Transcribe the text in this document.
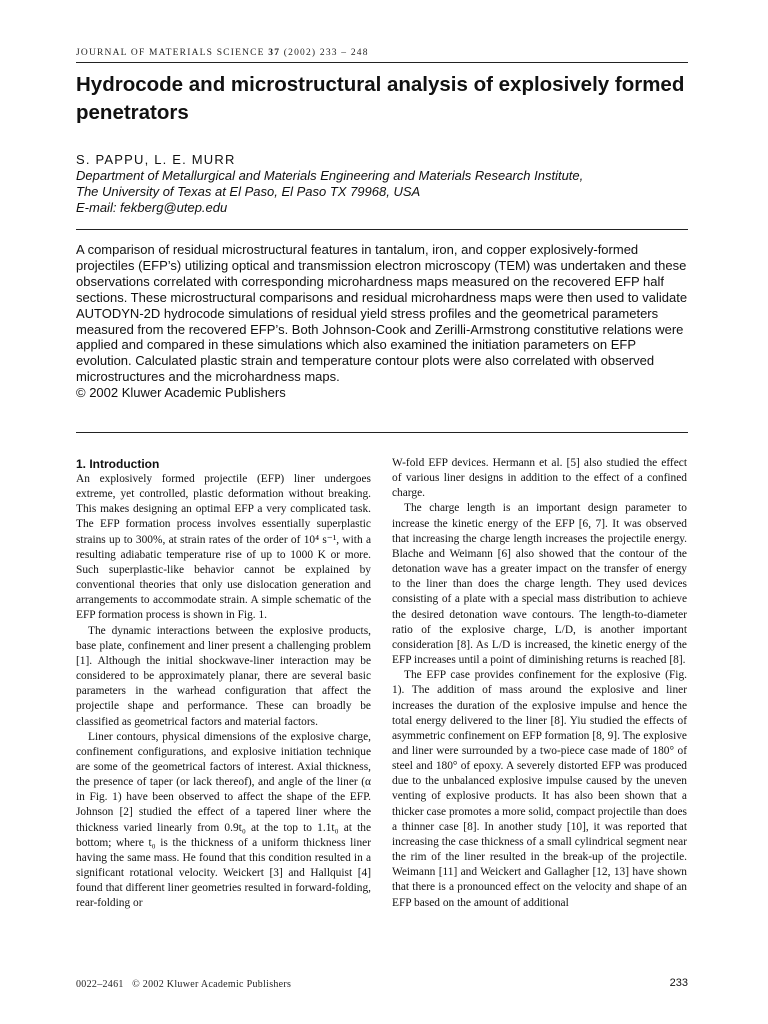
JOURNAL OF MATERIALS SCIENCE 37 (2002) 233 – 248
Hydrocode and microstructural analysis of explosively formed penetrators
S. PAPPU, L. E. MURR
Department of Metallurgical and Materials Engineering and Materials Research Institute,
The University of Texas at El Paso, El Paso TX 79968, USA
E-mail: fekberg@utep.edu

A comparison of residual microstructural features in tantalum, iron, and copper explosively-formed projectiles (EFP’s) utilizing optical and transmission electron microscopy (TEM) was undertaken and these observations correlated with corresponding microhardness maps measured on the recovered EFP half sections. These microstructural comparisons and residual microhardness maps were then used to validate AUTODYN-2D hydrocode simulations of residual yield stress profiles and the geometrical parameters measured from the recovered EFP’s. Both Johnson-Cook and Zerilli-Armstrong constitutive relations were applied and compared in these simulations which also examined the initiation parameters on EFP evolution. Calculated plastic strain and temperature contour plots were also correlated with observed microstructures and the microhardness maps.
© 2002 Kluwer Academic Publishers

1. Introduction

An explosively formed projectile (EFP) liner undergoes extreme, yet controlled, plastic deformation without breaking. This makes designing an optimal EFP a very complicated task. The EFP formation process involves essentially superplastic strains up to 300%, at strain rates of the order of 10⁴ s⁻¹, with a resulting adiabatic temperature rise of up to 1000 K or more. Such superplastic-like behavior cannot be explained by conventional theories that only use dislocation generation and arrangements to accommodate strain. A simple schematic of the EFP formation process is shown in Fig. 1.

The dynamic interactions between the explosive products, base plate, confinement and liner present a challenging problem [1]. Although the initial shockwave-liner interaction may be considered to be approximately planar, there are several basic parameters in the warhead configuration that affect the projectile shape and performance. These can broadly be classified as geometrical factors and material factors.

Liner contours, physical dimensions of the explosive charge, confinement configurations, and explosive initiation technique are some of the geometrical factors of interest. Axial thickness, the presence of taper (or lack thereof), and angle of the liner (α in Fig. 1) have been observed to affect the shape of the EFP. Johnson [2] studied the effect of a tapered liner where the thickness varied linearly from 0.9t₀ at the top to 1.1t₀ at the bottom; where t₀ is the thickness of a uniform thickness liner having the same mass. He found that this condition resulted in a significant rotational velocity. Weickert [3] and Hallquist [4] found that different liner geometries resulted in forward-folding, rear-folding or

W-fold EFP devices. Hermann et al. [5] also studied the effect of various liner designs in addition to the effect of a confined charge.

The charge length is an important design parameter to increase the kinetic energy of the EFP [6, 7]. It was observed that increasing the charge length increases the projectile energy. Blache and Weimann [6] also showed that the contour of the detonation wave has a greater impact on the transfer of energy to the liner than does the charge length. They used devices consisting of a plate with a special mass distribution to achieve the desired detonation wave contours. The length-to-diameter ratio of the explosive charge, L/D, is another important consideration [8]. As L/D is increased, the kinetic energy of the EFP increases until a point of diminishing returns is reached [8].

The EFP case provides confinement for the explosive (Fig. 1). The addition of mass around the explosive and liner increases the duration of the explosive impulse and hence the total energy delivered to the liner [8]. Yiu studied the effects of asymmetric confinement on EFP formation [8, 9]. The explosive and liner were surrounded by a two-piece case made of 180° of steel and 180° of epoxy. A severely distorted EFP was produced due to the unbalanced explosive impulse caused by the uneven venting of explosive products. It has also been shown that a thicker case promotes a more solid, compact projectile than does a thinner case [8]. In another study [10], it was reported that increasing the case thickness of a small cylindrical segment near the rim of the liner resulted in the break-up of the projectile. Weimann [11] and Weickert and Gallagher [12, 13] have shown that there is a pronounced effect on the velocity and shape of an EFP based on the amount of additional

0022–2461 © 2002 Kluwer Academic Publishers	233
